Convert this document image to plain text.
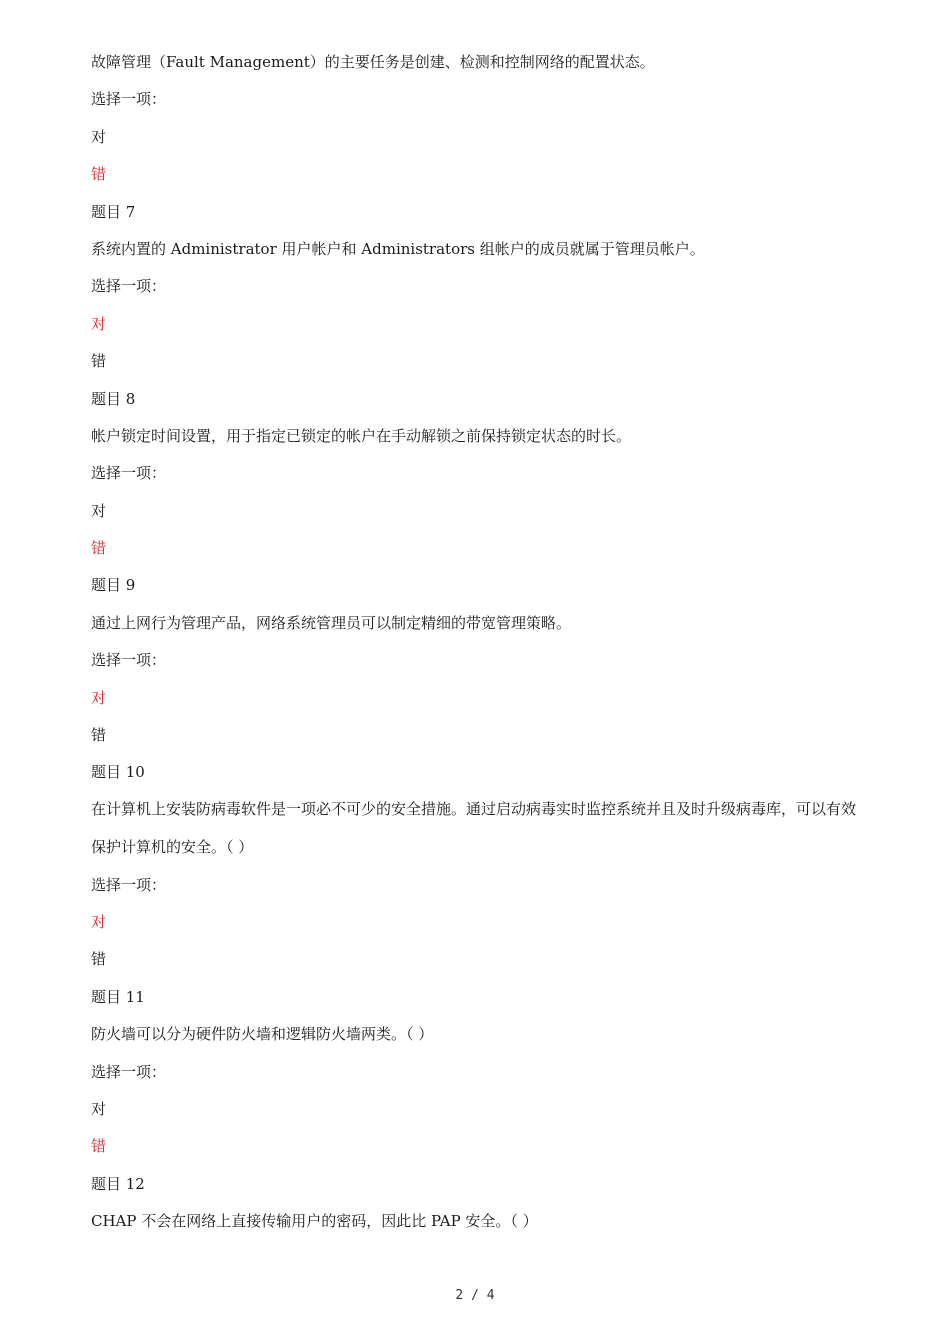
故障管理（Fault Management）的主要任务是创建、检测和控制网络的配置状态。

选择一项：

对

错

题目 7

系统内置的 Administrator 用户帐户和 Administrators 组帐户的成员就属于管理员帐户。

选择一项：

对

错

题目 8

帐户锁定时间设置，用于指定已锁定的帐户在手动解锁之前保持锁定状态的时长。

选择一项：

对

错

题目 9

通过上网行为管理产品，网络系统管理员可以制定精细的带宽管理策略。

选择一项：

对

错

题目 10

在计算机上安装防病毒软件是一项必不可少的安全措施。通过启动病毒实时监控系统并且及时升级病毒库，可以有效保护计算机的安全。（ ）

选择一项：

对

错

题目 11

防火墙可以分为硬件防火墙和逻辑防火墙两类。（ ）

选择一项：

对

错

题目 12

CHAP 不会在网络上直接传输用户的密码，因此比 PAP 安全。（ ）

2 / 4
